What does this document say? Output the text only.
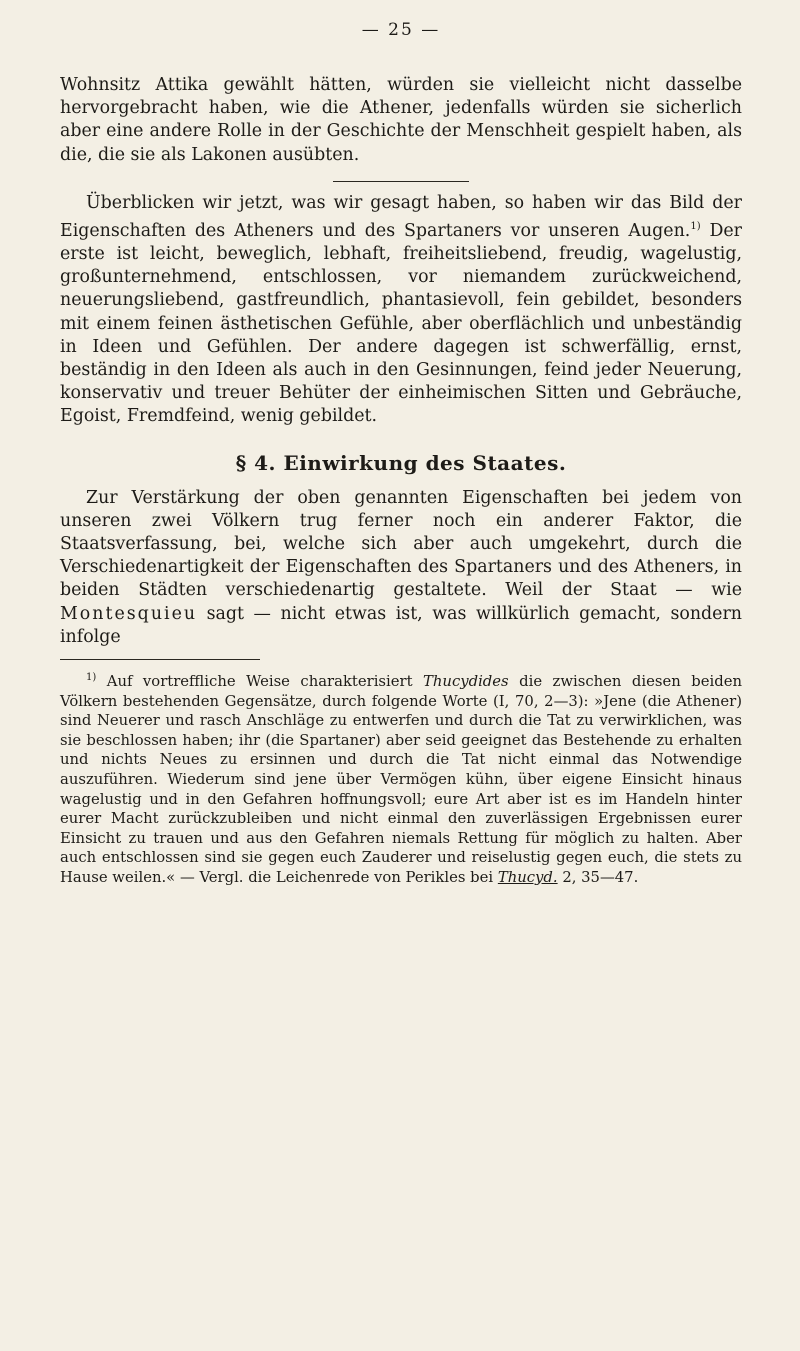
— 25 —

Wohnsitz Attika gewählt hätten, würden sie vielleicht nicht dasselbe hervorgebracht haben, wie die Athener, jedenfalls würden sie sicherlich aber eine andere Rolle in der Geschichte der Menschheit gespielt haben, als die, die sie als Lakonen ausübten.

Überblicken wir jetzt, was wir gesagt haben, so haben wir das Bild der Eigenschaften des Atheners und des Spartaners vor unseren Augen.$^{1)}$ Der erste ist leicht, beweglich, lebhaft, freiheitsliebend, freudig, wagelustig, großunternehmend, entschlossen, vor niemandem zurückweichend, neuerungsliebend, gastfreundlich, phantasievoll, fein gebildet, besonders mit einem feinen ästhetischen Gefühle, aber oberflächlich und unbeständig in Ideen und Gefühlen. Der andere dagegen ist schwerfällig, ernst, beständig in den Ideen als auch in den Gesinnungen, feind jeder Neuerung, konservativ und treuer Behüter der einheimischen Sitten und Gebräuche, Egoist, Fremdfeind, wenig gebildet.

§ 4. Einwirkung des Staates.

Zur Verstärkung der oben genannten Eigenschaften bei jedem von unseren zwei Völkern trug ferner noch ein anderer Faktor, die Staatsverfassung, bei, welche sich aber auch umgekehrt, durch die Verschiedenartigkeit der Eigenschaften des Spartaners und des Atheners, in beiden Städten verschiedenartig gestaltete. Weil der Staat — wie Montesquieu sagt — nicht etwas ist, was willkürlich gemacht, sondern infolge

$^{1)}$ Auf vortreffliche Weise charakterisiert Thucydides die zwischen diesen beiden Völkern bestehenden Gegensätze, durch folgende Worte (I, 70, 2—3): »Jene (die Athener) sind Neuerer und rasch Anschläge zu entwerfen und durch die Tat zu verwirklichen, was sie beschlossen haben; ihr (die Spartaner) aber seid geeignet das Bestehende zu erhalten und nichts Neues zu ersinnen und durch die Tat nicht einmal das Notwendige auszuführen. Wiederum sind jene über Vermögen kühn, über eigene Einsicht hinaus wagelustig und in den Gefahren hoffnungsvoll; eure Art aber ist es im Handeln hinter eurer Macht zurückzubleiben und nicht einmal den zuverlässigen Ergebnissen eurer Einsicht zu trauen und aus den Gefahren niemals Rettung für möglich zu halten. Aber auch entschlossen sind sie gegen euch Zauderer und reiselustig gegen euch, die stets zu Hause weilen.« — Vergl. die Leichenrede von Perikles bei Thucyd. 2, 35—47.
